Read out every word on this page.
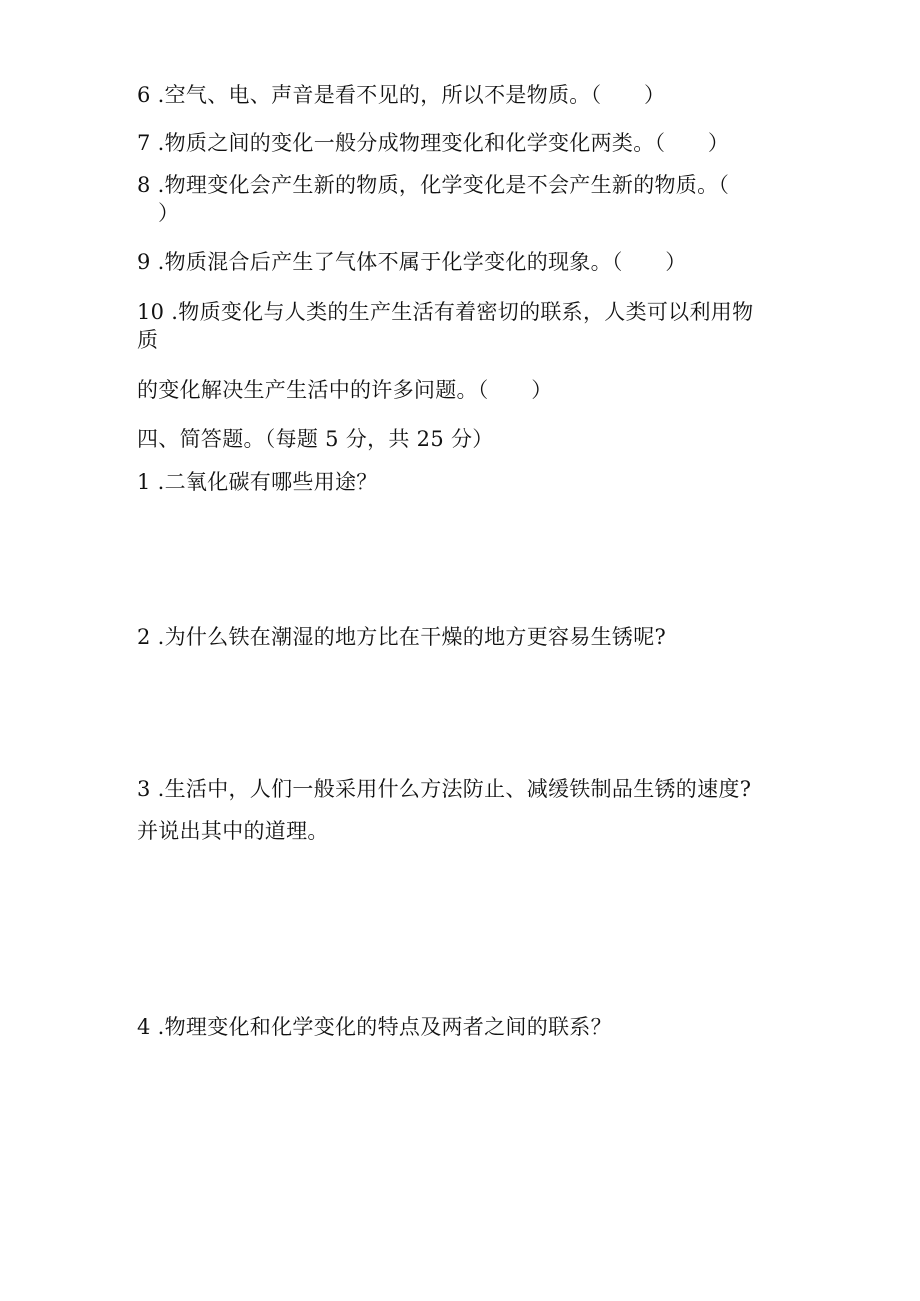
6 .空气、电、声音是看不见的，所以不是物质。（　　）
7 .物质之间的变化一般分成物理变化和化学变化两类。（　　）
8 .物理变化会产生新的物质，化学变化是不会产生新的物质。（
）
9 .物质混合后产生了气体不属于化学变化的现象。（　　）
10 .物质变化与人类的生产生活有着密切的联系，人类可以利用物
质
的变化解决生产生活中的许多问题。（　　）
四、简答题。（每题 5 分，共 25 分）
1 .二氧化碳有哪些用途？
2 .为什么铁在潮湿的地方比在干燥的地方更容易生锈呢?
3 .生活中，人们一般采用什么方法防止、减缓铁制品生锈的速度?
并说出其中的道理。
4 .物理变化和化学变化的特点及两者之间的联系？
